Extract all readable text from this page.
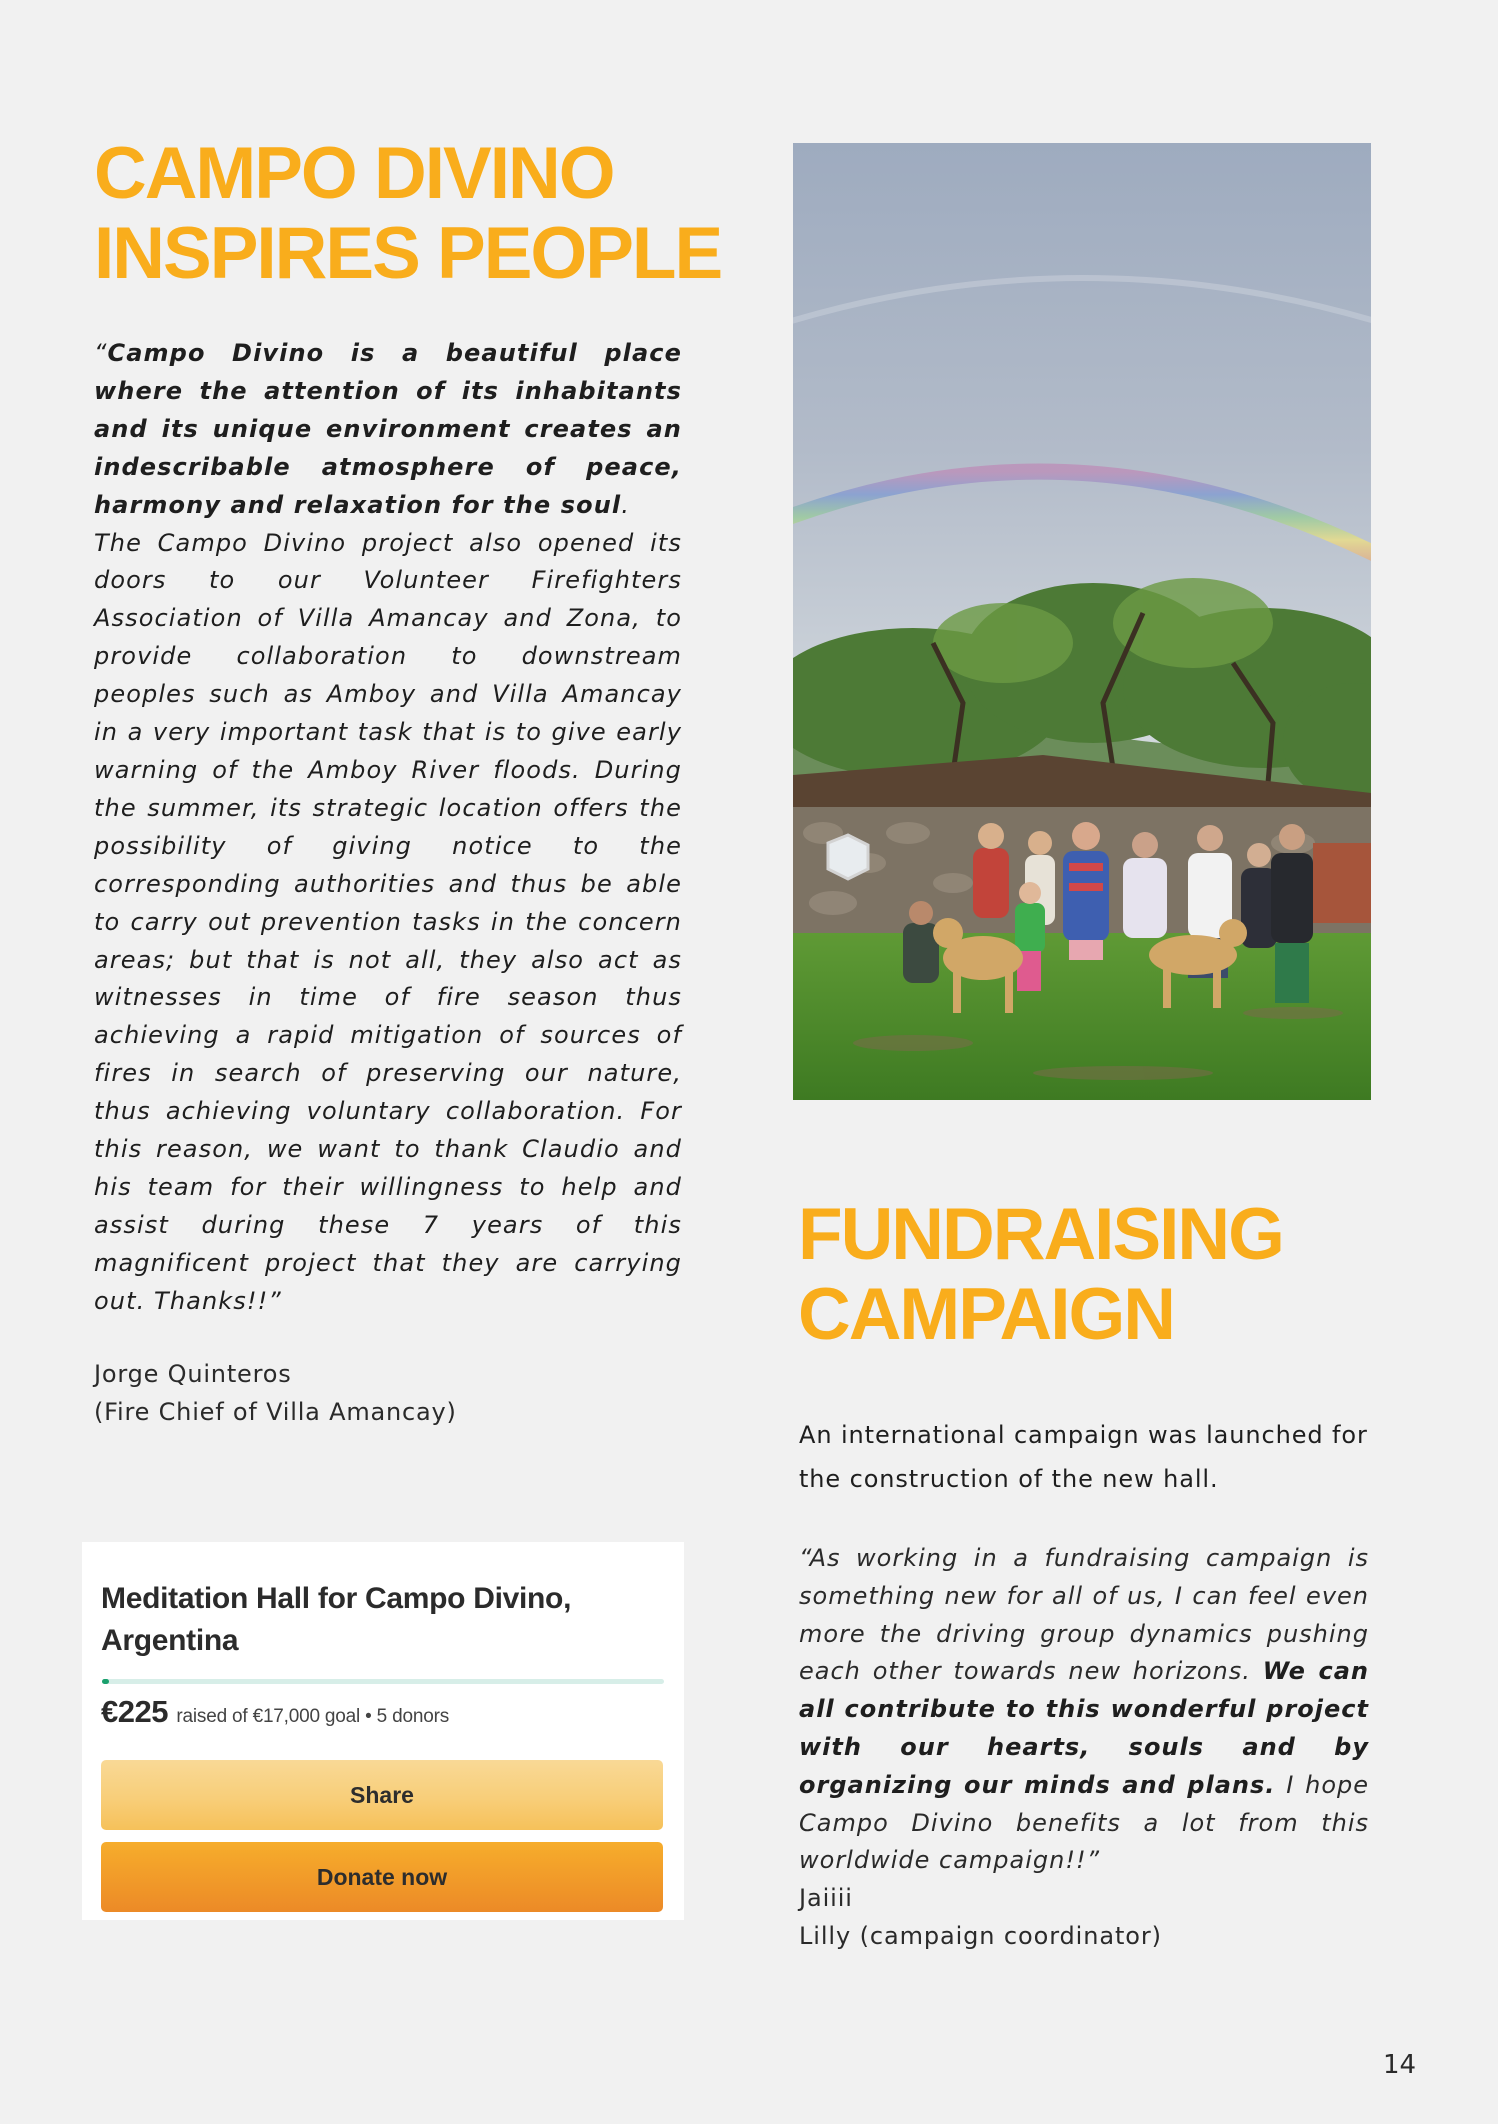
CAMPO DIVINO
INSPIRES PEOPLE

“Campo Divino is a beautiful place where the attention of its inhabitants and its unique environment creates an indescribable atmosphere of peace, harmony and relaxation for the soul.
The Campo Divino project also opened its doors to our Volunteer Firefighters Association of Villa Amancay and Zona, to provide collaboration to downstream peoples such as Amboy and Villa Amancay in a very important task that is to give early warning of the Amboy River floods. During the summer, its strategic location offers the possibility of giving notice to the corresponding authorities and thus be able to carry out prevention tasks in the concern areas; but that is not all, they also act as witnesses in time of fire season thus achieving a rapid mitigation of sources of fires in search of preserving our nature, thus achieving voluntary collaboration. For this reason, we want to thank Claudio and his team for their willingness to help and assist during these 7 years of this magnificent project that they are carrying out. Thanks!!”

Jorge Quinteros
(Fire Chief of Villa Amancay)

FUNDRAISING
CAMPAIGN

An international campaign was launched for the construction of the new hall.

“As working in a fundraising campaign is something new for all of us, I can feel even more the driving group dynamics pushing each other towards new horizons. We can all contribute to this wonderful project with our hearts, souls and by organizing our minds and plans. I hope Campo Divino benefits a lot from this worldwide campaign!!”

Jaiiii
Lilly (campaign coordinator)

Meditation Hall for Campo Divino, Argentina
€225 raised of €17,000 goal • 5 donors
Share
Donate now
14
